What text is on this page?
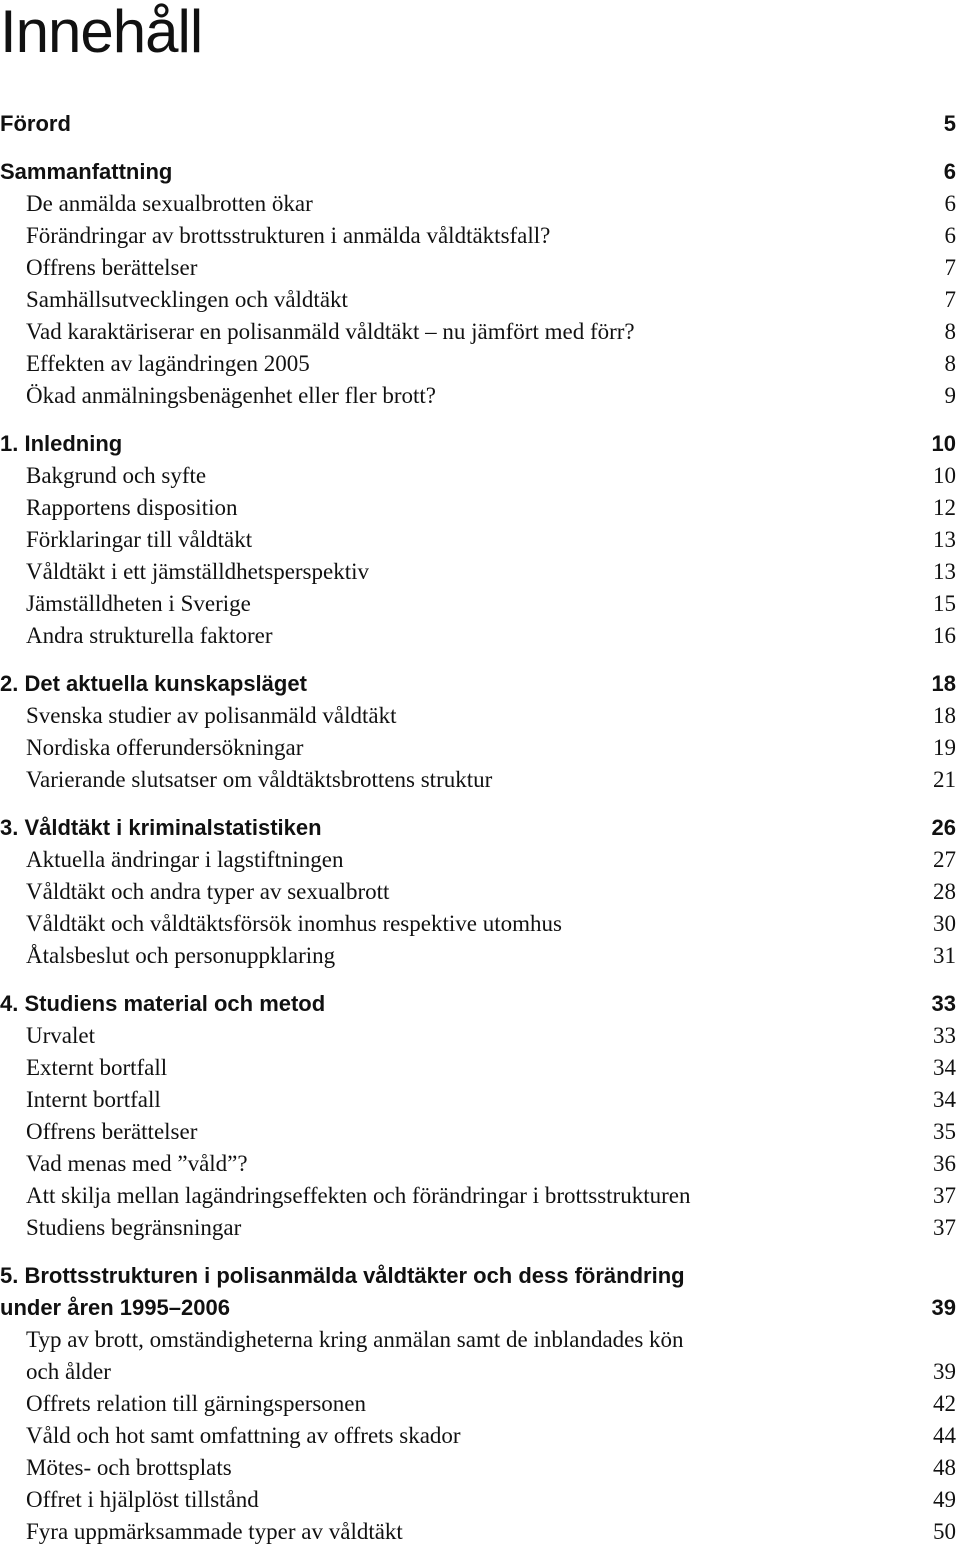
Innehåll
Förord	5
Sammanfattning	6
De anmälda sexualbrotten ökar	6
Förändringar av brottsstrukturen i anmälda våldtäktsfall?	6
Offrens berättelser	7
Samhällsutvecklingen och våldtäkt	7
Vad karaktäriserar en polisanmäld våldtäkt – nu jämfört med förr?	8
Effekten av lagändringen 2005	8
Ökad anmälningsbenägenhet eller fler brott?	9
1. Inledning	10
Bakgrund och syfte	10
Rapportens disposition	12
Förklaringar till våldtäkt	13
Våldtäkt i ett jämställdhetsperspektiv	13
Jämställdheten i Sverige	15
Andra strukturella faktorer	16
2. Det aktuella kunskapsläget	18
Svenska studier av polisanmäld våldtäkt	18
Nordiska offerundersökningar	19
Varierande slutsatser om våldtäktsbrottens struktur	21
3. Våldtäkt i kriminalstatistiken	26
Aktuella ändringar i lagstiftningen	27
Våldtäkt och andra typer av sexualbrott	28
Våldtäkt och våldtäktsförsök inomhus respektive utomhus	30
Åtalsbeslut och personuppklaring	31
4. Studiens material och metod	33
Urvalet	33
Externt bortfall	34
Internt bortfall	34
Offrens berättelser	35
Vad menas med ”våld”?	36
Att skilja mellan lagändringseffekten och förändringar i brottsstrukturen	37
Studiens begränsningar	37
5. Brottsstrukturen i polisanmälda våldtäkter och dess förändring
under åren 1995–2006	39
Typ av brott, omständigheterna kring anmälan samt de inblandades kön
och ålder	39
Offrets relation till gärningspersonen	42
Våld och hot samt omfattning av offrets skador	44
Mötes- och brottsplats	48
Offret i hjälplöst tillstånd	49
Fyra uppmärksammade typer av våldtäkt	50
